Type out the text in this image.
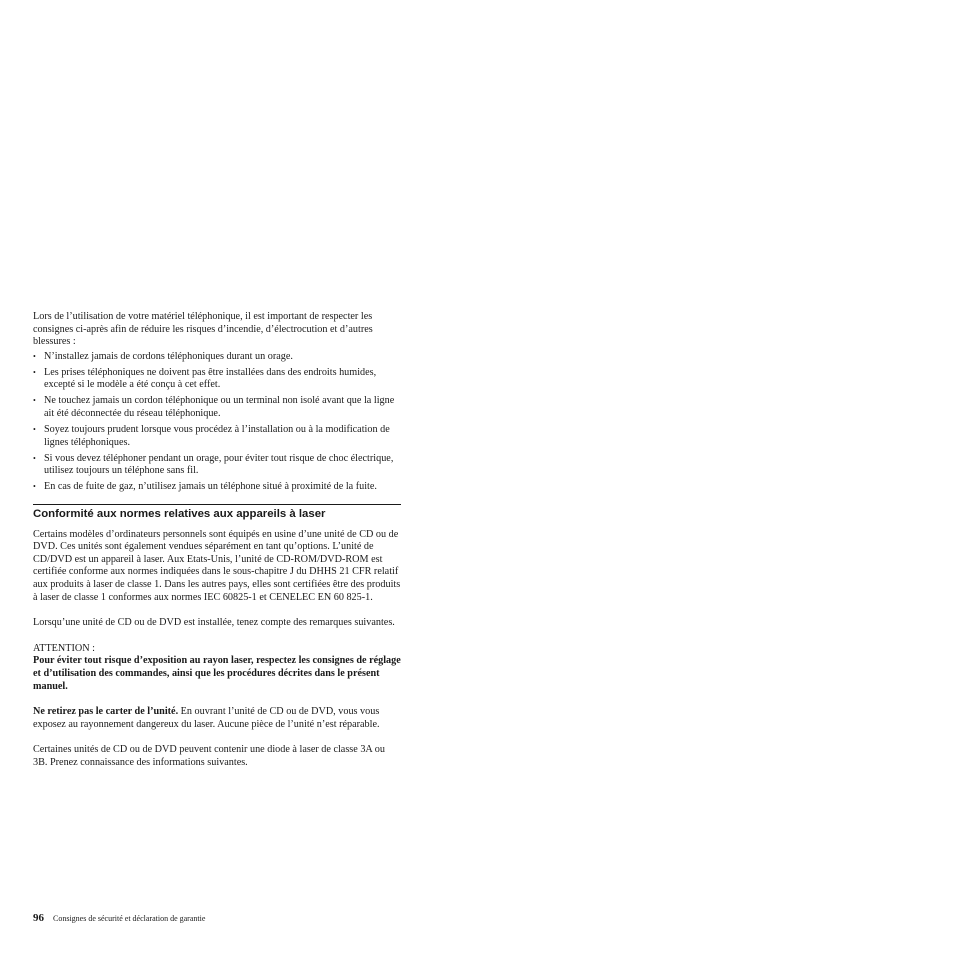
Lors de l’utilisation de votre matériel téléphonique, il est important de respecter les consignes ci-après afin de réduire les risques d’incendie, d’électrocution et d’autres blessures :

• N’installez jamais de cordons téléphoniques durant un orage.
• Les prises téléphoniques ne doivent pas être installées dans des endroits humides, excepté si le modèle a été conçu à cet effet.
• Ne touchez jamais un cordon téléphonique ou un terminal non isolé avant que la ligne ait été déconnectée du réseau téléphonique.
• Soyez toujours prudent lorsque vous procédez à l’installation ou à la modification de lignes téléphoniques.
• Si vous devez téléphoner pendant un orage, pour éviter tout risque de choc électrique, utilisez toujours un téléphone sans fil.
• En cas de fuite de gaz, n’utilisez jamais un téléphone situé à proximité de la fuite.
Conformité aux normes relatives aux appareils à laser

Certains modèles d’ordinateurs personnels sont équipés en usine d’une unité de CD ou de DVD. Ces unités sont également vendues séparément en tant qu’options. L’unité de CD/DVD est un appareil à laser. Aux Etats-Unis, l’unité de CD-ROM/DVD-ROM est certifiée conforme aux normes indiquées dans le sous-chapitre J du DHHS 21 CFR relatif aux produits à laser de classe 1. Dans les autres pays, elles sont certifiées être des produits à laser de classe 1 conformes aux normes IEC 60825-1 et CENELEC EN 60 825-1.

Lorsqu’une unité de CD ou de DVD est installée, tenez compte des remarques suivantes.

ATTENTION :

Pour éviter tout risque d’exposition au rayon laser, respectez les consignes de réglage et d’utilisation des commandes, ainsi que les procédures décrites dans le présent manuel.

Ne retirez pas le carter de l’unité. En ouvrant l’unité de CD ou de DVD, vous vous exposez au rayonnement dangereux du laser. Aucune pièce de l’unité n’est réparable.

Certaines unités de CD ou de DVD peuvent contenir une diode à laser de classe 3A ou 3B. Prenez connaissance des informations suivantes.

96 Consignes de sécurité et déclaration de garantie
